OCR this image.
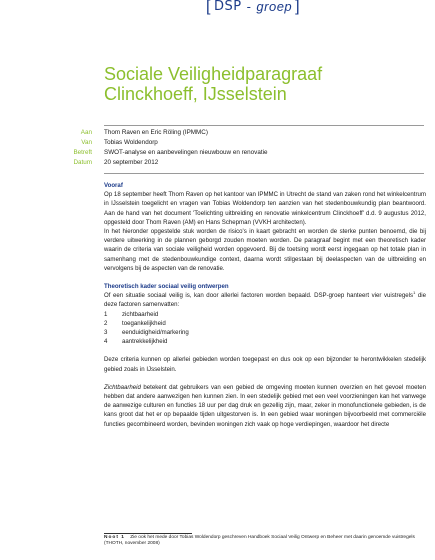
[ DSP - groep ]
Sociale Veiligheidparagraaf
Clinckhoeff, IJsselstein
Aan	Thom Raven en Eric Röling (IPMMC)
Van	Tobias Woldendorp
Betreft	SWOT-analyse en aanbevelingen nieuwbouw en renovatie
Datum	20 september 2012

Vooraf

Op 18 september heeft Thom Raven op het kantoor van IPMMC in Utrecht de stand van zaken rond het winkelcentrum in IJsselstein toegelicht en vragen van Tobias Woldendorp ten aanzien van het stedenbouwkundig plan beantwoord. Aan de hand van het document 'Toelichting uitbreiding en renovatie winkelcentrum Clinckhoeff' d.d. 9 augustus 2012, opgesteld door Thom Raven (AM) en Hans Schepman (VVKH architecten).

In het hieronder opgestelde stuk worden de risico's in kaart gebracht en worden de sterke punten benoemd, die bij verdere uitwerking in de plannen geborgd zouden moeten worden. De paragraaf begint met een theoretisch kader waarin de criteria van sociale veiligheid worden opgevoerd. Bij de toetsing wordt eerst ingegaan op het totale plan in samenhang met de stedenbouwkundige context, daarna wordt stilgestaan bij deelaspecten van de uitbreiding en vervolgens bij de aspecten van de renovatie.

Theoretisch kader sociaal veilig ontwerpen

Of een situatie sociaal veilig is, kan door allerlei factoren worden bepaald. DSP-groep hanteert vier vuistregels$^1$ die deze factoren samenvatten:

1	zichtbaarheid
2	toegankelijkheid
3	eenduidigheid/markering
4	aantrekkelijkheid

Deze criteria kunnen op allerlei gebieden worden toegepast en dus ook op een bijzonder te herontwikkelen stedelijk gebied zoals in IJsselstein.

Zichtbaarheid betekent dat gebruikers van een gebied de omgeving moeten kunnen overzien en het gevoel moeten hebben dat andere aanwezigen hen kunnen zien. In een stedelijk gebied met een veel voorzieningen kan het vanwege de aanwezige culturen en functies 18 uur per dag druk en gezellig zijn, maar, zeker in monofunctionele gebieden, is de kans groot dat het er op bepaalde tijden uitgestorven is. In een gebied waar woningen bijvoorbeeld met commerciële functies gecombineerd worden, bevinden woningen zich vaak op hoge verdiepingen, waardoor het directe

Noot 1 Zie ook het mede door Tobias Woldendorp geschreven Handboek Sociaal Veilig Ontwerp en Beheer met daarin genoemde vuistregels (THOTH, november 2008)
